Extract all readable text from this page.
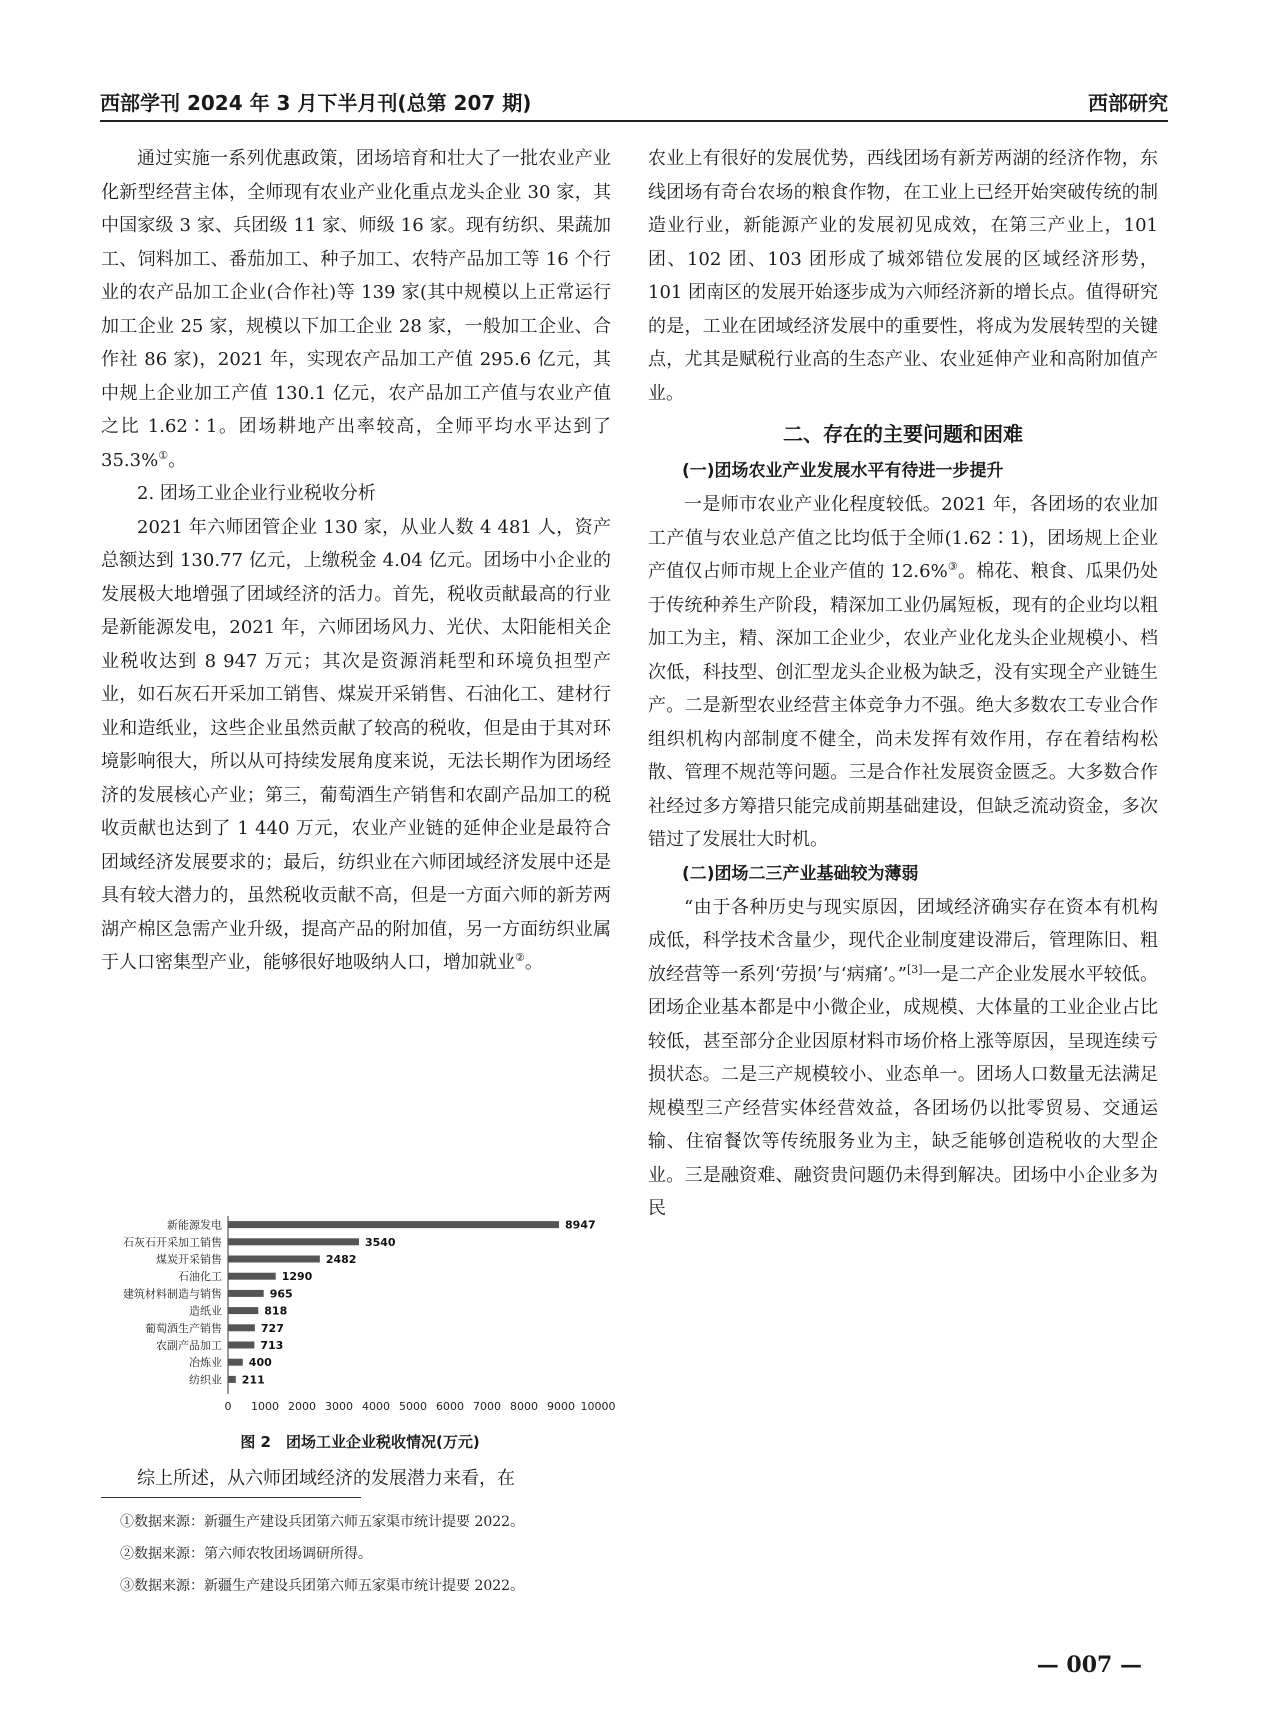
西部学刊 2024 年 3 月下半月刊(总第 207 期)	西部研究

通过实施一系列优惠政策，团场培育和壮大了一批农业产业化新型经营主体，全师现有农业产业化重点龙头企业 30 家，其中国家级 3 家、兵团级 11 家、师级 16 家。现有纺织、果蔬加工、饲料加工、番茄加工、种子加工、农特产品加工等 16 个行业的农产品加工企业(合作社)等 139 家(其中规模以上正常运行加工企业 25 家，规模以下加工企业 28 家，一般加工企业、合作社 86 家)，2021 年，实现农产品加工产值 295.6 亿元，其中规上企业加工产值 130.1 亿元，农产品加工产值与农业产值之比 1.62∶1。团场耕地产出率较高，全师平均水平达到了 35.3%①。

2. 团场工业企业行业税收分析

2021 年六师团管企业 130 家，从业人数 4 481 人，资产总额达到 130.77 亿元，上缴税金 4.04 亿元。团场中小企业的发展极大地增强了团域经济的活力。首先，税收贡献最高的行业是新能源发电，2021 年，六师团场风力、光伏、太阳能相关企业税收达到 8 947 万元；其次是资源消耗型和环境负担型产业，如石灰石开采加工销售、煤炭开采销售、石油化工、建材行业和造纸业，这些企业虽然贡献了较高的税收，但是由于其对环境影响很大，所以从可持续发展角度来说，无法长期作为团场经济的发展核心产业；第三，葡萄酒生产销售和农副产品加工的税收贡献也达到了 1 440 万元，农业产业链的延伸企业是最符合团域经济发展要求的；最后，纺织业在六师团域经济发展中还是具有较大潜力的，虽然税收贡献不高，但是一方面六师的新芳两湖产棉区急需产业升级，提高产品的附加值，另一方面纺织业属于人口密集型产业，能够很好地吸纳人口，增加就业②。

新能源发电	8947
石灰石开采加工销售	3540
煤炭开采销售	2482
石油化工	1290
建筑材料制造与销售	965
造纸业	818
葡萄酒生产销售	727
农副产品加工	713
冶炼业 400
纺织业 211
0 1000 2000 3000 4000 5000 6000 7000 8000 9000 10000
图 2　团场工业企业税收情况(万元)
综上所述，从六师团域经济的发展潜力来看，在

农业上有很好的发展优势，西线团场有新芳两湖的经济作物，东线团场有奇台农场的粮食作物，在工业上已经开始突破传统的制造业行业，新能源产业的发展初见成效，在第三产业上，101 团、102 团、103 团形成了城郊错位发展的区域经济形势，101 团南区的发展开始逐步成为六师经济新的增长点。值得研究的是，工业在团域经济发展中的重要性，将成为发展转型的关键点，尤其是赋税行业高的生态产业、农业延伸产业和高附加值产业。

二、存在的主要问题和困难
(一)团场农业产业发展水平有待进一步提升

一是师市农业产业化程度较低。2021 年，各团场的农业加工产值与农业总产值之比均低于全师(1.62∶1)，团场规上企业产值仅占师市规上企业产值的 12.6%③。棉花、粮食、瓜果仍处于传统种养生产阶段，精深加工业仍属短板，现有的企业均以粗加工为主，精、深加工企业少，农业产业化龙头企业规模小、档次低，科技型、创汇型龙头企业极为缺乏，没有实现全产业链生产。二是新型农业经营主体竞争力不强。绝大多数农工专业合作组织机构内部制度不健全，尚未发挥有效作用，存在着结构松散、管理不规范等问题。三是合作社发展资金匮乏。大多数合作社经过多方筹措只能完成前期基础建设，但缺乏流动资金，多次错过了发展壮大时机。

(二)团场二三产业基础较为薄弱

“由于各种历史与现实原因，团域经济确实存在资本有机构成低，科学技术含量少，现代企业制度建设滞后，管理陈旧、粗放经营等一系列‘劳损’与‘病痛’。”[3]一是二产企业发展水平较低。团场企业基本都是中小微企业，成规模、大体量的工业企业占比较低，甚至部分企业因原材料市场价格上涨等原因，呈现连续亏损状态。二是三产规模较小、业态单一。团场人口数量无法满足规模型三产经营实体经营效益，各团场仍以批零贸易、交通运输、住宿餐饮等传统服务业为主，缺乏能够创造税收的大型企业。三是融资难、融资贵问题仍未得到解决。团场中小企业多为民

①数据来源：新疆生产建设兵团第六师五家渠市统计提要 2022。
②数据来源：第六师农牧团场调研所得。
③数据来源：新疆生产建设兵团第六师五家渠市统计提要 2022。
— 007 —
